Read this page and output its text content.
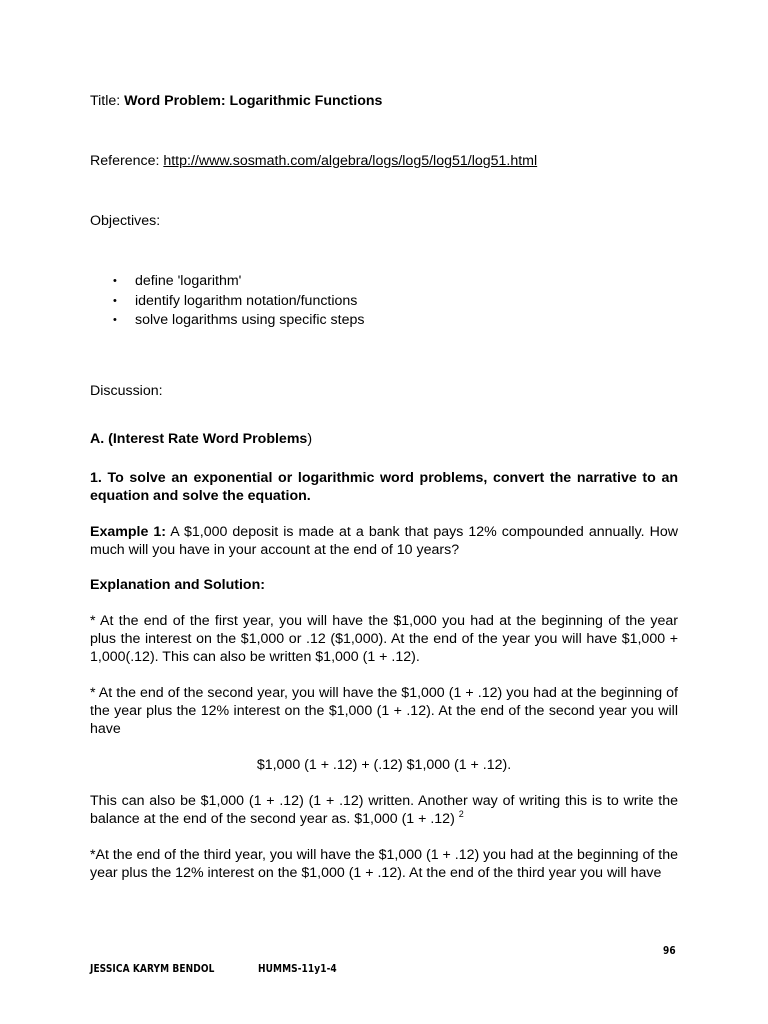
Title: Word Problem: Logarithmic Functions
Reference: http://www.sosmath.com/algebra/logs/log5/log51/log51.html
Objectives:
• define 'logarithm'
• identify logarithm notation/functions
• solve logarithms using specific steps
Discussion:
A. (Interest Rate Word Problems)
1. To solve an exponential or logarithmic word problems, convert the narrative to an equation and solve the equation.
Example 1: A $1,000 deposit is made at a bank that pays 12% compounded annually. How much will you have in your account at the end of 10 years?
Explanation and Solution:
* At the end of the first year, you will have the $1,000 you had at the beginning of the year plus the interest on the $1,000 or .12 ($1,000). At the end of the year you will have $1,000 + 1,000(.12). This can also be written $1,000 (1 + .12).
* At the end of the second year, you will have the $1,000 (1 + .12) you had at the beginning of the year plus the 12% interest on the $1,000 (1 + .12). At the end of the second year you will have
$1,000 (1 + .12) + (.12) $1,000 (1 + .12).
This can also be $1,000 (1 + .12) (1 + .12) written. Another way of writing this is to write the balance at the end of the second year as. $1,000 (1 + .12) $^2$
*At the end of the third year, you will have the $1,000 (1 + .12) you had at the beginning of the year plus the 12% interest on the $1,000 (1 + .12). At the end of the third year you will have
96
JESSICA KARYM BENDOL	HUMMS-11y1-4
